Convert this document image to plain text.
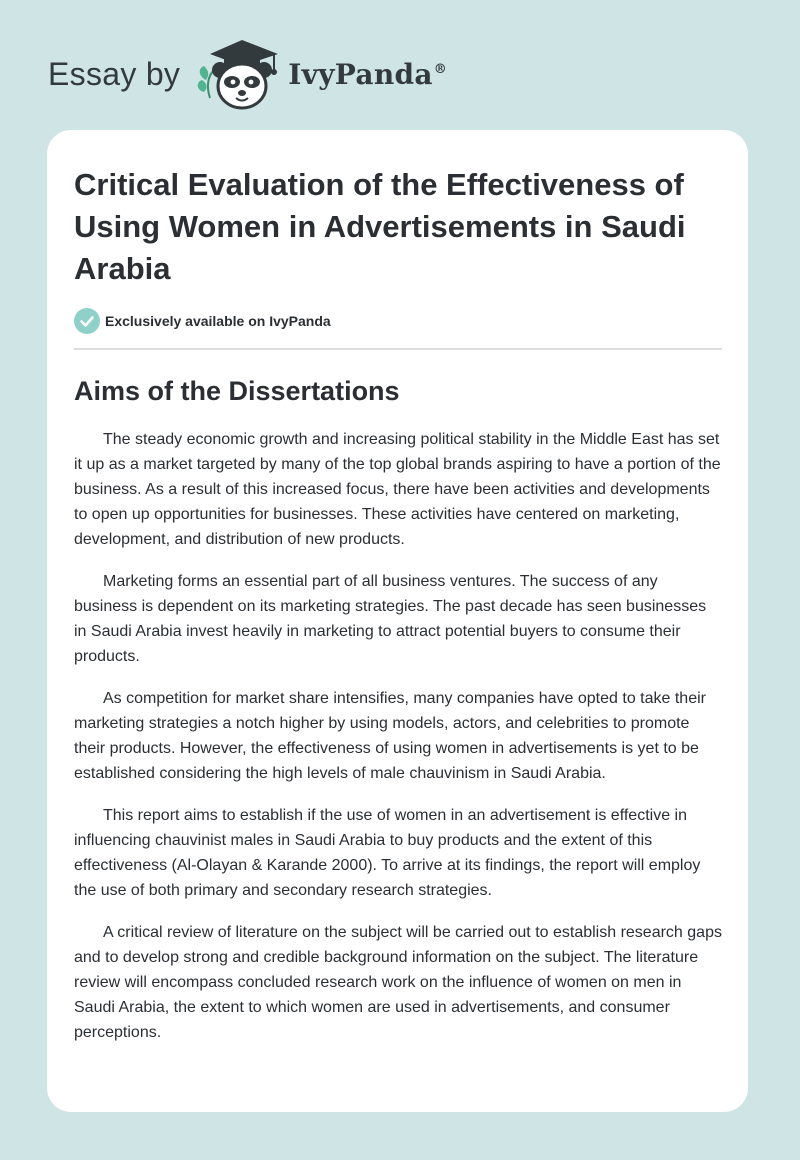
Essay by	IvyPanda®
Critical Evaluation of the Effectiveness of Using Women in Advertisements in Saudi Arabia
Exclusively available on IvyPanda
Aims of the Dissertations

The steady economic growth and increasing political stability in the Middle East has set it up as a market targeted by many of the top global brands aspiring to have a portion of the business. As a result of this increased focus, there have been activities and developments to open up opportunities for businesses. These activities have centered on marketing, development, and distribution of new products.

Marketing forms an essential part of all business ventures. The success of any business is dependent on its marketing strategies. The past decade has seen businesses in Saudi Arabia invest heavily in marketing to attract potential buyers to consume their products.

As competition for market share intensifies, many companies have opted to take their marketing strategies a notch higher by using models, actors, and celebrities to promote their products. However, the effectiveness of using women in advertisements is yet to be established considering the high levels of male chauvinism in Saudi Arabia.

This report aims to establish if the use of women in an advertisement is effective in influencing chauvinist males in Saudi Arabia to buy products and the extent of this effectiveness (Al-Olayan & Karande 2000). To arrive at its findings, the report will employ the use of both primary and secondary research strategies.

A critical review of literature on the subject will be carried out to establish research gaps and to develop strong and credible background information on the subject. The literature review will encompass concluded research work on the influence of women on men in Saudi Arabia, the extent to which women are used in advertisements, and consumer perceptions.
